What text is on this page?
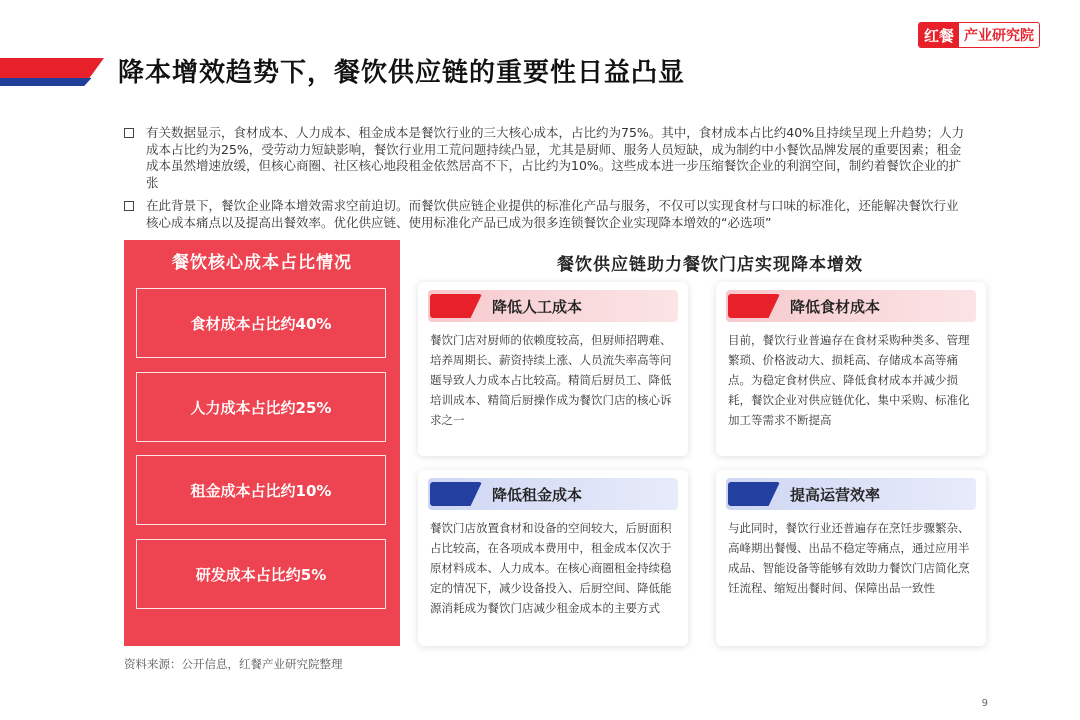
降本增效趋势下，餐饮供应链的重要性日益凸显
红餐 产业研究院
有关数据显示，食材成本、人力成本、租金成本是餐饮行业的三大核心成本，占比约为75%。其中，食材成本占比约40%且持续呈现上升趋势；人力成本占比约为25%，受劳动力短缺影响，餐饮行业用工荒问题持续凸显，尤其是厨师、服务人员短缺，成为制约中小餐饮品牌发展的重要因素；租金成本虽然增速放缓，但核心商圈、社区核心地段租金依然居高不下，占比约为10%。这些成本进一步压缩餐饮企业的利润空间，制约着餐饮企业的扩张
在此背景下，餐饮企业降本增效需求空前迫切。而餐饮供应链企业提供的标准化产品与服务，不仅可以实现食材与口味的标准化，还能解决餐饮行业核心成本痛点以及提高出餐效率。优化供应链、使用标准化产品已成为很多连锁餐饮企业实现降本增效的“必选项”
餐饮核心成本占比情况
食材成本占比约40%
人力成本占比约25%
租金成本占比约10%
研发成本占比约5%
餐饮供应链助力餐饮门店实现降本增效
降低人工成本
餐饮门店对厨师的依赖度较高，但厨师招聘难、培养周期长、薪资持续上涨、人员流失率高等问题导致人力成本占比较高。精简后厨员工、降低培训成本、精简后厨操作成为餐饮门店的核心诉求之一
降低食材成本
目前，餐饮行业普遍存在食材采购种类多、管理繁琐、价格波动大、损耗高、存储成本高等痛点。为稳定食材供应、降低食材成本并减少损耗，餐饮企业对供应链优化、集中采购、标准化加工等需求不断提高
降低租金成本
餐饮门店放置食材和设备的空间较大，后厨面积占比较高，在各项成本费用中，租金成本仅次于原材料成本、人力成本。在核心商圈租金持续稳定的情况下，减少设备投入、后厨空间、降低能源消耗成为餐饮门店减少租金成本的主要方式
提高运营效率
与此同时，餐饮行业还普遍存在烹饪步骤繁杂、高峰期出餐慢、出品不稳定等痛点，通过应用半成品、智能设备等能够有效助力餐饮门店简化烹饪流程、缩短出餐时间、保障出品一致性
资料来源：公开信息，红餐产业研究院整理
9
